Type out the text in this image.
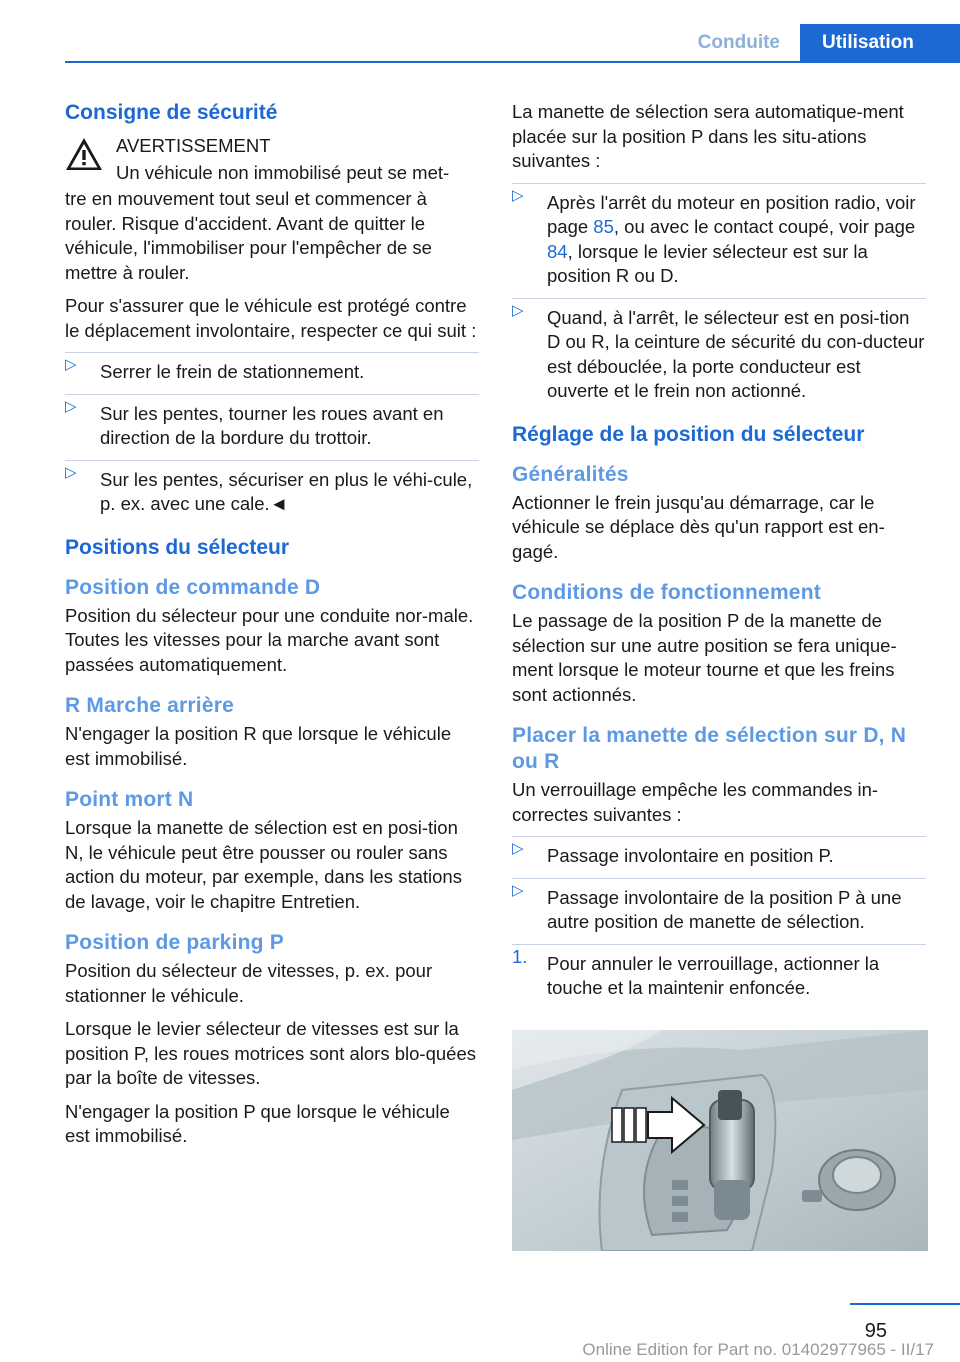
Conduite	Utilisation
Consigne de sécurité
AVERTISSEMENT
Un véhicule non immobilisé peut se met-

tre en mouvement tout seul et commencer à rouler. Risque d'accident. Avant de quitter le véhicule, l'immobiliser pour l'empêcher de se mettre à rouler.

Pour s'assurer que le véhicule est protégé contre le déplacement involontaire, respecter ce qui suit :

▷ Serrer le frein de stationnement.
▷ Sur les pentes, tourner les roues avant en direction de la bordure du trottoir.
▷ Sur les pentes, sécuriser en plus le véhi-cule, p. ex. avec une cale.◄
Positions du sélecteur
Position de commande D

Position du sélecteur pour une conduite nor-male. Toutes les vitesses pour la marche avant sont passées automatiquement.

R Marche arrière

N'engager la position R que lorsque le véhicule est immobilisé.

Point mort N

Lorsque la manette de sélection est en posi-tion N, le véhicule peut être pousser ou rouler sans action du moteur, par exemple, dans les stations de lavage, voir le chapitre Entretien.

Position de parking P

Position du sélecteur de vitesses, p. ex. pour stationner le véhicule.

Lorsque le levier sélecteur de vitesses est sur la position P, les roues motrices sont alors blo-quées par la boîte de vitesses.

N'engager la position P que lorsque le véhicule est immobilisé.

La manette de sélection sera automatique-ment placée sur la position P dans les situ-ations suivantes :

▷ Après l'arrêt du moteur en position radio, voir page 85, ou avec le contact coupé, voir page 84, lorsque le levier sélecteur est sur la position R ou D.
▷ Quand, à l'arrêt, le sélecteur est en posi-tion D ou R, la ceinture de sécurité du con-ducteur est débouclée, la porte conducteur est ouverte et le frein non actionné.
Réglage de la position du sélecteur
Généralités

Actionner le frein jusqu'au démarrage, car le véhicule se déplace dès qu'un rapport est en-gagé.

Conditions de fonctionnement

Le passage de la position P de la manette de sélection sur une autre position se fera unique-ment lorsque le moteur tourne et que les freins sont actionnés.

Placer la manette de sélection sur D, N ou R

Un verrouillage empêche les commandes in-correctes suivantes :

▷ Passage involontaire en position P.
▷ Passage involontaire de la position P à une autre position de manette de sélection.
1. Pour annuler le verrouillage, actionner la touche et la maintenir enfoncée.
95
Online Edition for Part no. 01402977965 - II/17
